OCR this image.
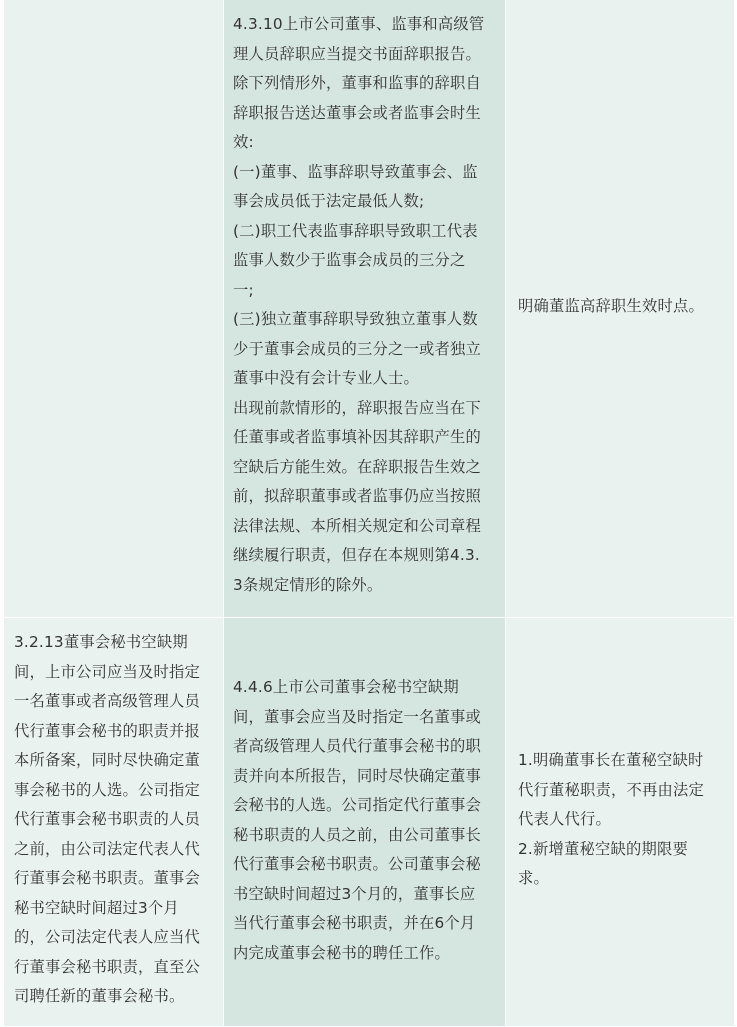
4.3.10上市公司董事、监事和高级管
理人员辞职应当提交书面辞职报告。
除下列情形外，董事和监事的辞职自
辞职报告送达董事会或者监事会时生
效:
(一)董事、监事辞职导致董事会、监
事会成员低于法定最低人数;
(二)职工代表监事辞职导致职工代表
监事人数少于监事会成员的三分之
一;
(三)独立董事辞职导致独立董事人数
少于董事会成员的三分之一或者独立
董事中没有会计专业人士。
出现前款情形的，辞职报告应当在下
任董事或者监事填补因其辞职产生的
空缺后方能生效。在辞职报告生效之
前，拟辞职董事或者监事仍应当按照
法律法规、本所相关规定和公司章程
继续履行职责，但存在本规则第4.3.
3条规定情形的除外。
明确董监高辞职生效时点。
3.2.13董事会秘书空缺期
间，上市公司应当及时指定
一名董事或者高级管理人员
代行董事会秘书的职责并报
本所备案，同时尽快确定董
事会秘书的人选。公司指定
代行董事会秘书职责的人员
之前，由公司法定代表人代
行董事会秘书职责。董事会
秘书空缺时间超过3个月
的，公司法定代表人应当代
行董事会秘书职责，直至公
司聘任新的董事会秘书。
4.4.6上市公司董事会秘书空缺期
间，董事会应当及时指定一名董事或
者高级管理人员代行董事会秘书的职
责并向本所报告，同时尽快确定董事
会秘书的人选。公司指定代行董事会
秘书职责的人员之前，由公司董事长
代行董事会秘书职责。公司董事会秘
书空缺时间超过3个月的，董事长应
当代行董事会秘书职责，并在6个月
内完成董事会秘书的聘任工作。
1.明确董事长在董秘空缺时
代行董秘职责，不再由法定
代表人代行。
2.新增董秘空缺的期限要
求。
